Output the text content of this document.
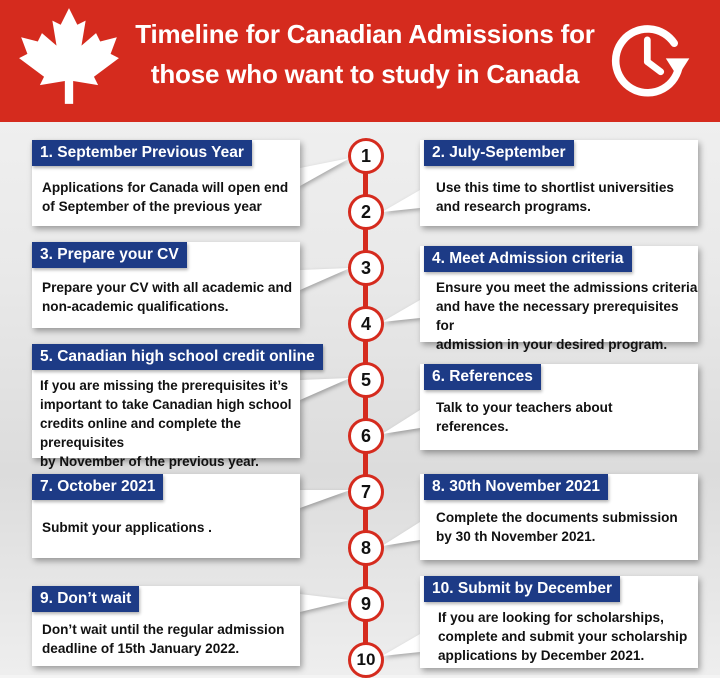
Timeline for Canadian Admissions for
those who want to study in Canada
1
2
3
4
5
6
7
8
9
10
1. September Previous Year
Applications for Canada will open end
of September of the previous year
2. July-September
Use this time to shortlist universities
and research programs.
3. Prepare your CV
Prepare your CV with all academic and
non-academic qualifications.
4. Meet Admission criteria
Ensure you meet the admissions criteria
and have the necessary prerequisites for
admission in your desired program.
5. Canadian high school credit online
If you are missing the prerequisites it’s
important to take Canadian high school
credits online and complete the prerequisites
by November of the previous year.
6. References
Talk to your teachers about
references.
7. October 2021
Submit your applications .
8. 30th November 2021
Complete the documents submission
by 30 th November 2021.
9. Don’t wait
Don’t wait until the regular admission
deadline of 15th January 2022.
10. Submit by December
If you are looking for scholarships,
complete and submit your scholarship
applications by December 2021.
